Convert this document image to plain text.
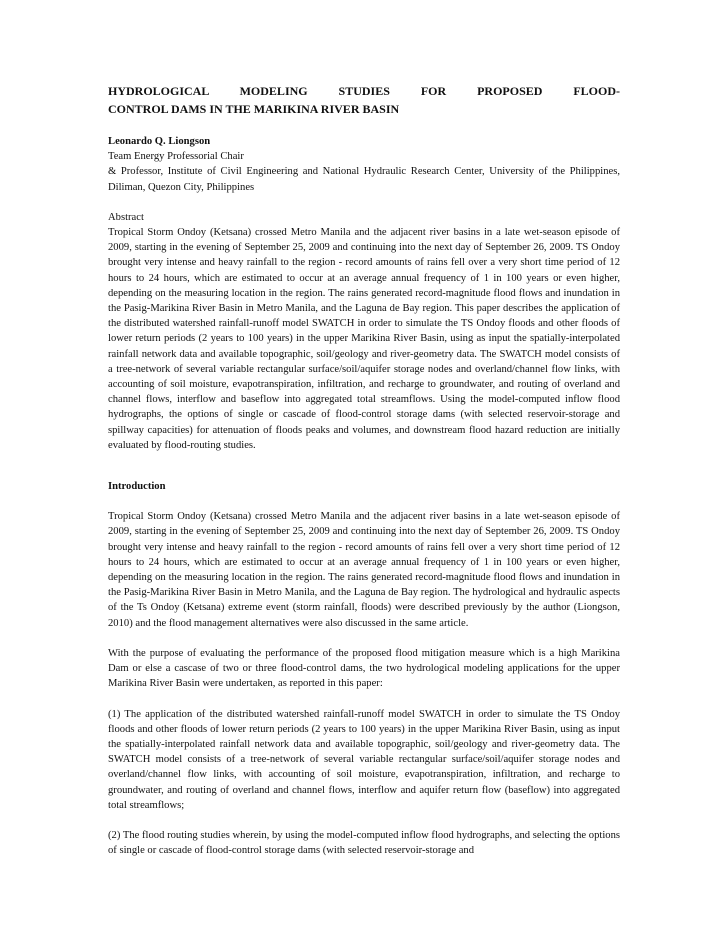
HYDROLOGICAL MODELING STUDIES FOR PROPOSED FLOOD-
CONTROL DAMS IN THE MARIKINA RIVER BASIN

Leonardo Q. Liongson

Team Energy Professorial Chair

& Professor, Institute of Civil Engineering and National Hydraulic Research Center, University of the Philippines, Diliman, Quezon City, Philippines

Abstract

Tropical Storm Ondoy (Ketsana) crossed Metro Manila and the adjacent river basins in a late wet-season episode of 2009, starting in the evening of September 25, 2009 and continuing into the next day of September 26, 2009. TS Ondoy brought very intense and heavy rainfall to the region - record amounts of rains fell over a very short time period of 12 hours to 24 hours, which are estimated to occur at an average annual frequency of 1 in 100 years or even higher, depending on the measuring location in the region. The rains generated record-magnitude flood flows and inundation in the Pasig-Marikina River Basin in Metro Manila, and the Laguna de Bay region. This paper describes the application of the distributed watershed rainfall-runoff model SWATCH in order to simulate the TS Ondoy floods and other floods of lower return periods (2 years to 100 years) in the upper Marikina River Basin, using as input the spatially-interpolated rainfall network data and available topographic, soil/geology and river-geometry data. The SWATCH model consists of a tree-network of several variable rectangular surface/soil/aquifer storage nodes and overland/channel flow links, with accounting of soil moisture, evapotranspiration, infiltration, and recharge to groundwater, and routing of overland and channel flows, interflow and baseflow into aggregated total streamflows. Using the model-computed inflow flood hydrographs, the options of single or cascade of flood-control storage dams (with selected reservoir-storage and spillway capacities) for attenuation of floods peaks and volumes, and downstream flood hazard reduction are initially evaluated by flood-routing studies.

Introduction

Tropical Storm Ondoy (Ketsana) crossed Metro Manila and the adjacent river basins in a late wet-season episode of 2009, starting in the evening of September 25, 2009 and continuing into the next day of September 26, 2009. TS Ondoy brought very intense and heavy rainfall to the region - record amounts of rains fell over a very short time period of 12 hours to 24 hours, which are estimated to occur at an average annual frequency of 1 in 100 years or even higher, depending on the measuring location in the region. The rains generated record-magnitude flood flows and inundation in the Pasig-Marikina River Basin in Metro Manila, and the Laguna de Bay region. The hydrological and hydraulic aspects of the Ts Ondoy (Ketsana) extreme event (storm rainfall, floods) were described previously by the author (Liongson, 2010) and the flood management alternatives were also discussed in the same article.

With the purpose of evaluating the performance of the proposed flood mitigation measure which is a high Marikina Dam or else a cascase of two or three flood-control dams, the two hydrological modeling applications for the upper Marikina River Basin were undertaken, as reported in this paper:

(1) The application of the distributed watershed rainfall-runoff model SWATCH in order to simulate the TS Ondoy floods and other floods of lower return periods (2 years to 100 years) in the upper Marikina River Basin, using as input the spatially-interpolated rainfall network data and available topographic, soil/geology and river-geometry data. The SWATCH model consists of a tree-network of several variable rectangular surface/soil/aquifer storage nodes and overland/channel flow links, with accounting of soil moisture, evapotranspiration, infiltration, and recharge to groundwater, and routing of overland and channel flows, interflow and aquifer return flow (baseflow) into aggregated total streamflows;

(2) The flood routing studies wherein, by using the model-computed inflow flood hydrographs, and selecting the options of single or cascade of flood-control storage dams (with selected reservoir-storage and
